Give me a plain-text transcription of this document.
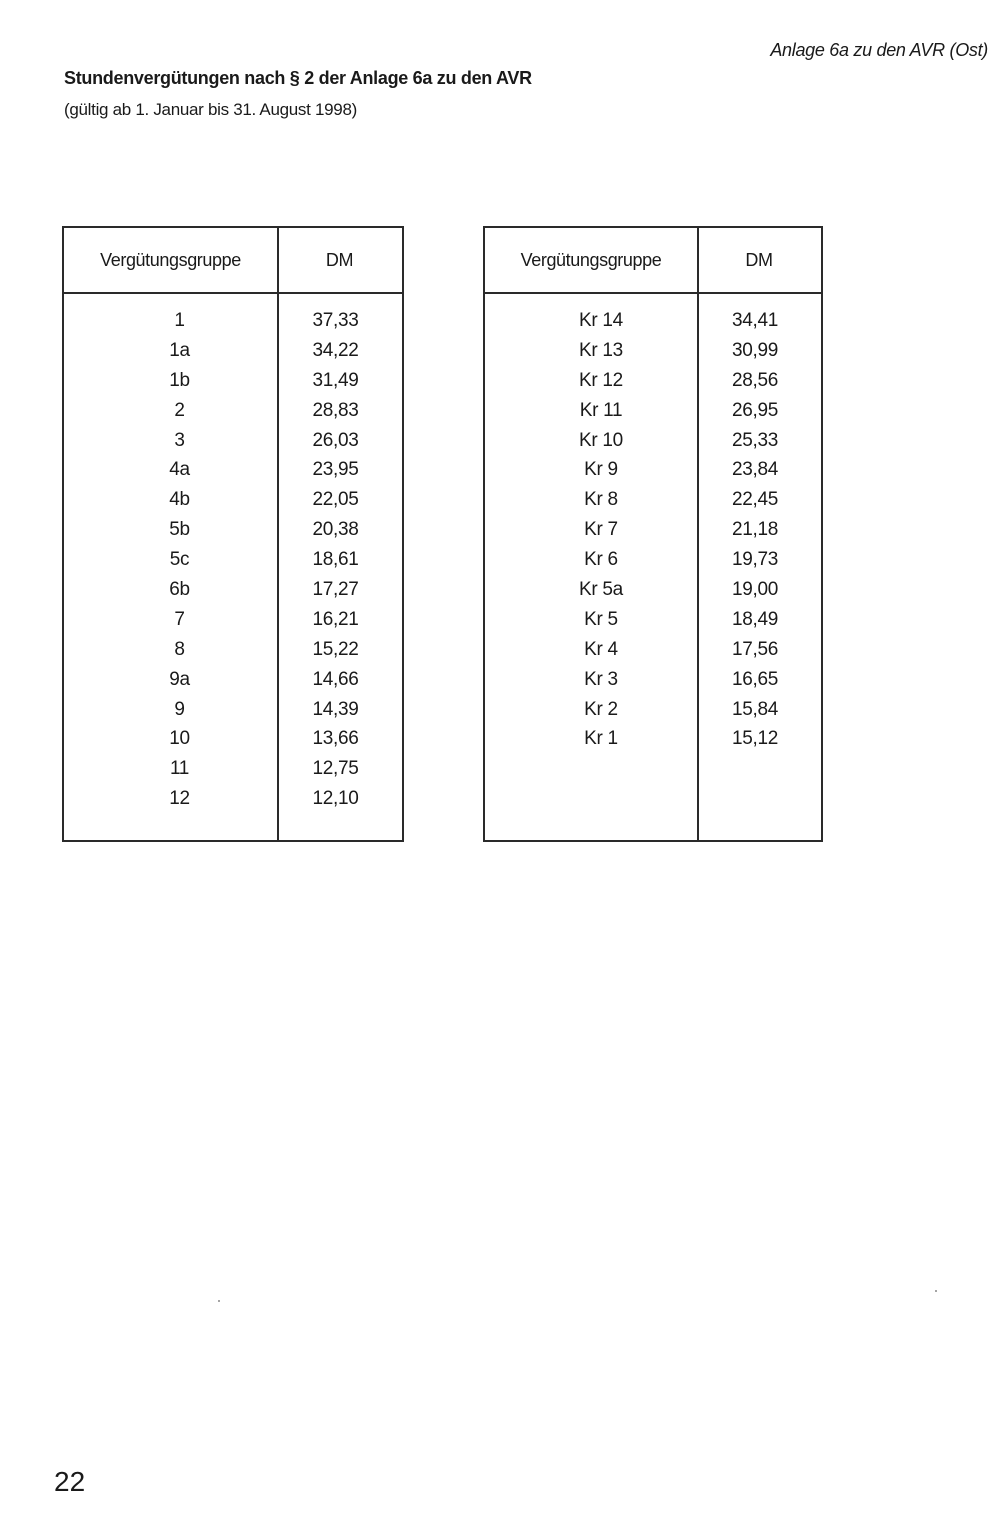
Anlage 6a zu den AVR (Ost)
Stundenvergütungen nach § 2 der Anlage 6a zu den AVR
(gültig ab 1. Januar bis 31. August 1998)
Vergütungsgruppe	DM
1	37,33
1a	34,22
1b	31,49
2	28,83
3	26,03
4a	23,95
4b	22,05
5b	20,38
5c	18,61
6b	17,27
7	16,21
8	15,22
9a	14,66
9	14,39
10	13,66
11	12,75
12	12,10
Vergütungsgruppe	DM
Kr 14	34,41
Kr 13	30,99
Kr 12	28,56
Kr 11	26,95
Kr 10	25,33
Kr 9	23,84
Kr 8	22,45
Kr 7	21,18
Kr 6	19,73
Kr 5a	19,00
Kr 5	18,49
Kr 4	17,56
Kr 3	16,65
Kr 2	15,84
Kr 1	15,12
22
